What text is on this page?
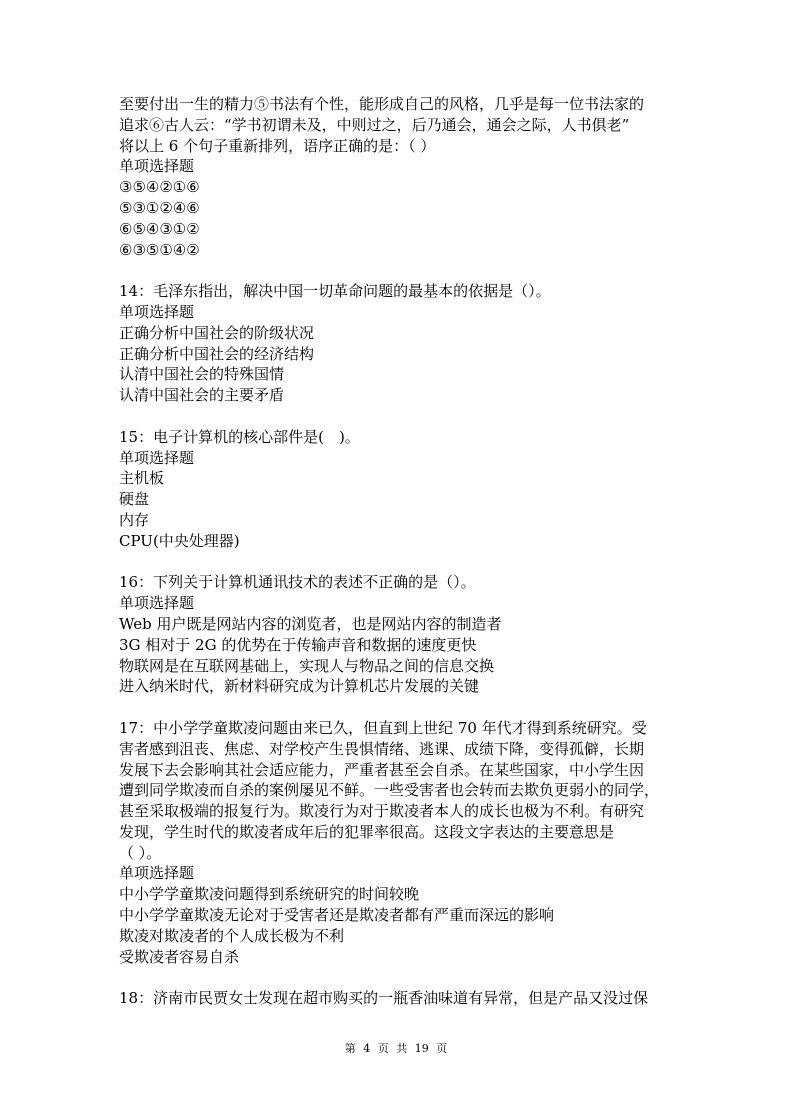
至要付出一生的精力⑤书法有个性，能形成自己的风格，几乎是每一位书法家的
追求⑥古人云：“学书初谓未及，中则过之，后乃通会，通会之际，人书俱老”
将以上 6 个句子重新排列，语序正确的是：（ ）
单项选择题
③⑤④②①⑥
⑤③①②④⑥
⑥⑤④③①②
⑥③⑤①④②
14：毛泽东指出，解决中国一切革命问题的最基本的依据是（）。
单项选择题
正确分析中国社会的阶级状况
正确分析中国社会的经济结构
认清中国社会的特殊国情
认清中国社会的主要矛盾
15：电子计算机的核心部件是(　)。
单项选择题
主机板
硬盘
内存
CPU(中央处理器)
16：下列关于计算机通讯技术的表述不正确的是（）。
单项选择题
Web 用户既是网站内容的浏览者，也是网站内容的制造者
3G 相对于 2G 的优势在于传输声音和数据的速度更快
物联网是在互联网基础上，实现人与物品之间的信息交换
进入纳米时代，新材料研究成为计算机芯片发展的关键
17：中小学学童欺凌问题由来已久，但直到上世纪 70 年代才得到系统研究。受
害者感到沮丧、焦虑、对学校产生畏惧情绪、逃课、成绩下降，变得孤僻，长期
发展下去会影响其社会适应能力，严重者甚至会自杀。在某些国家，中小学生因
遭到同学欺凌而自杀的案例屡见不鲜。一些受害者也会转而去欺负更弱小的同学，
甚至采取极端的报复行为。欺凌行为对于欺凌者本人的成长也极为不利。有研究
发现，学生时代的欺凌者成年后的犯罪率很高。这段文字表达的主要意思是
（ ）。
单项选择题
中小学学童欺凌问题得到系统研究的时间较晚
中小学学童欺凌无论对于受害者还是欺凌者都有严重而深远的影响
欺凌对欺凌者的个人成长极为不利
受欺凌者容易自杀
18：济南市民贾女士发现在超市购买的一瓶香油味道有异常，但是产品又没过保
第 4 页 共 19 页
